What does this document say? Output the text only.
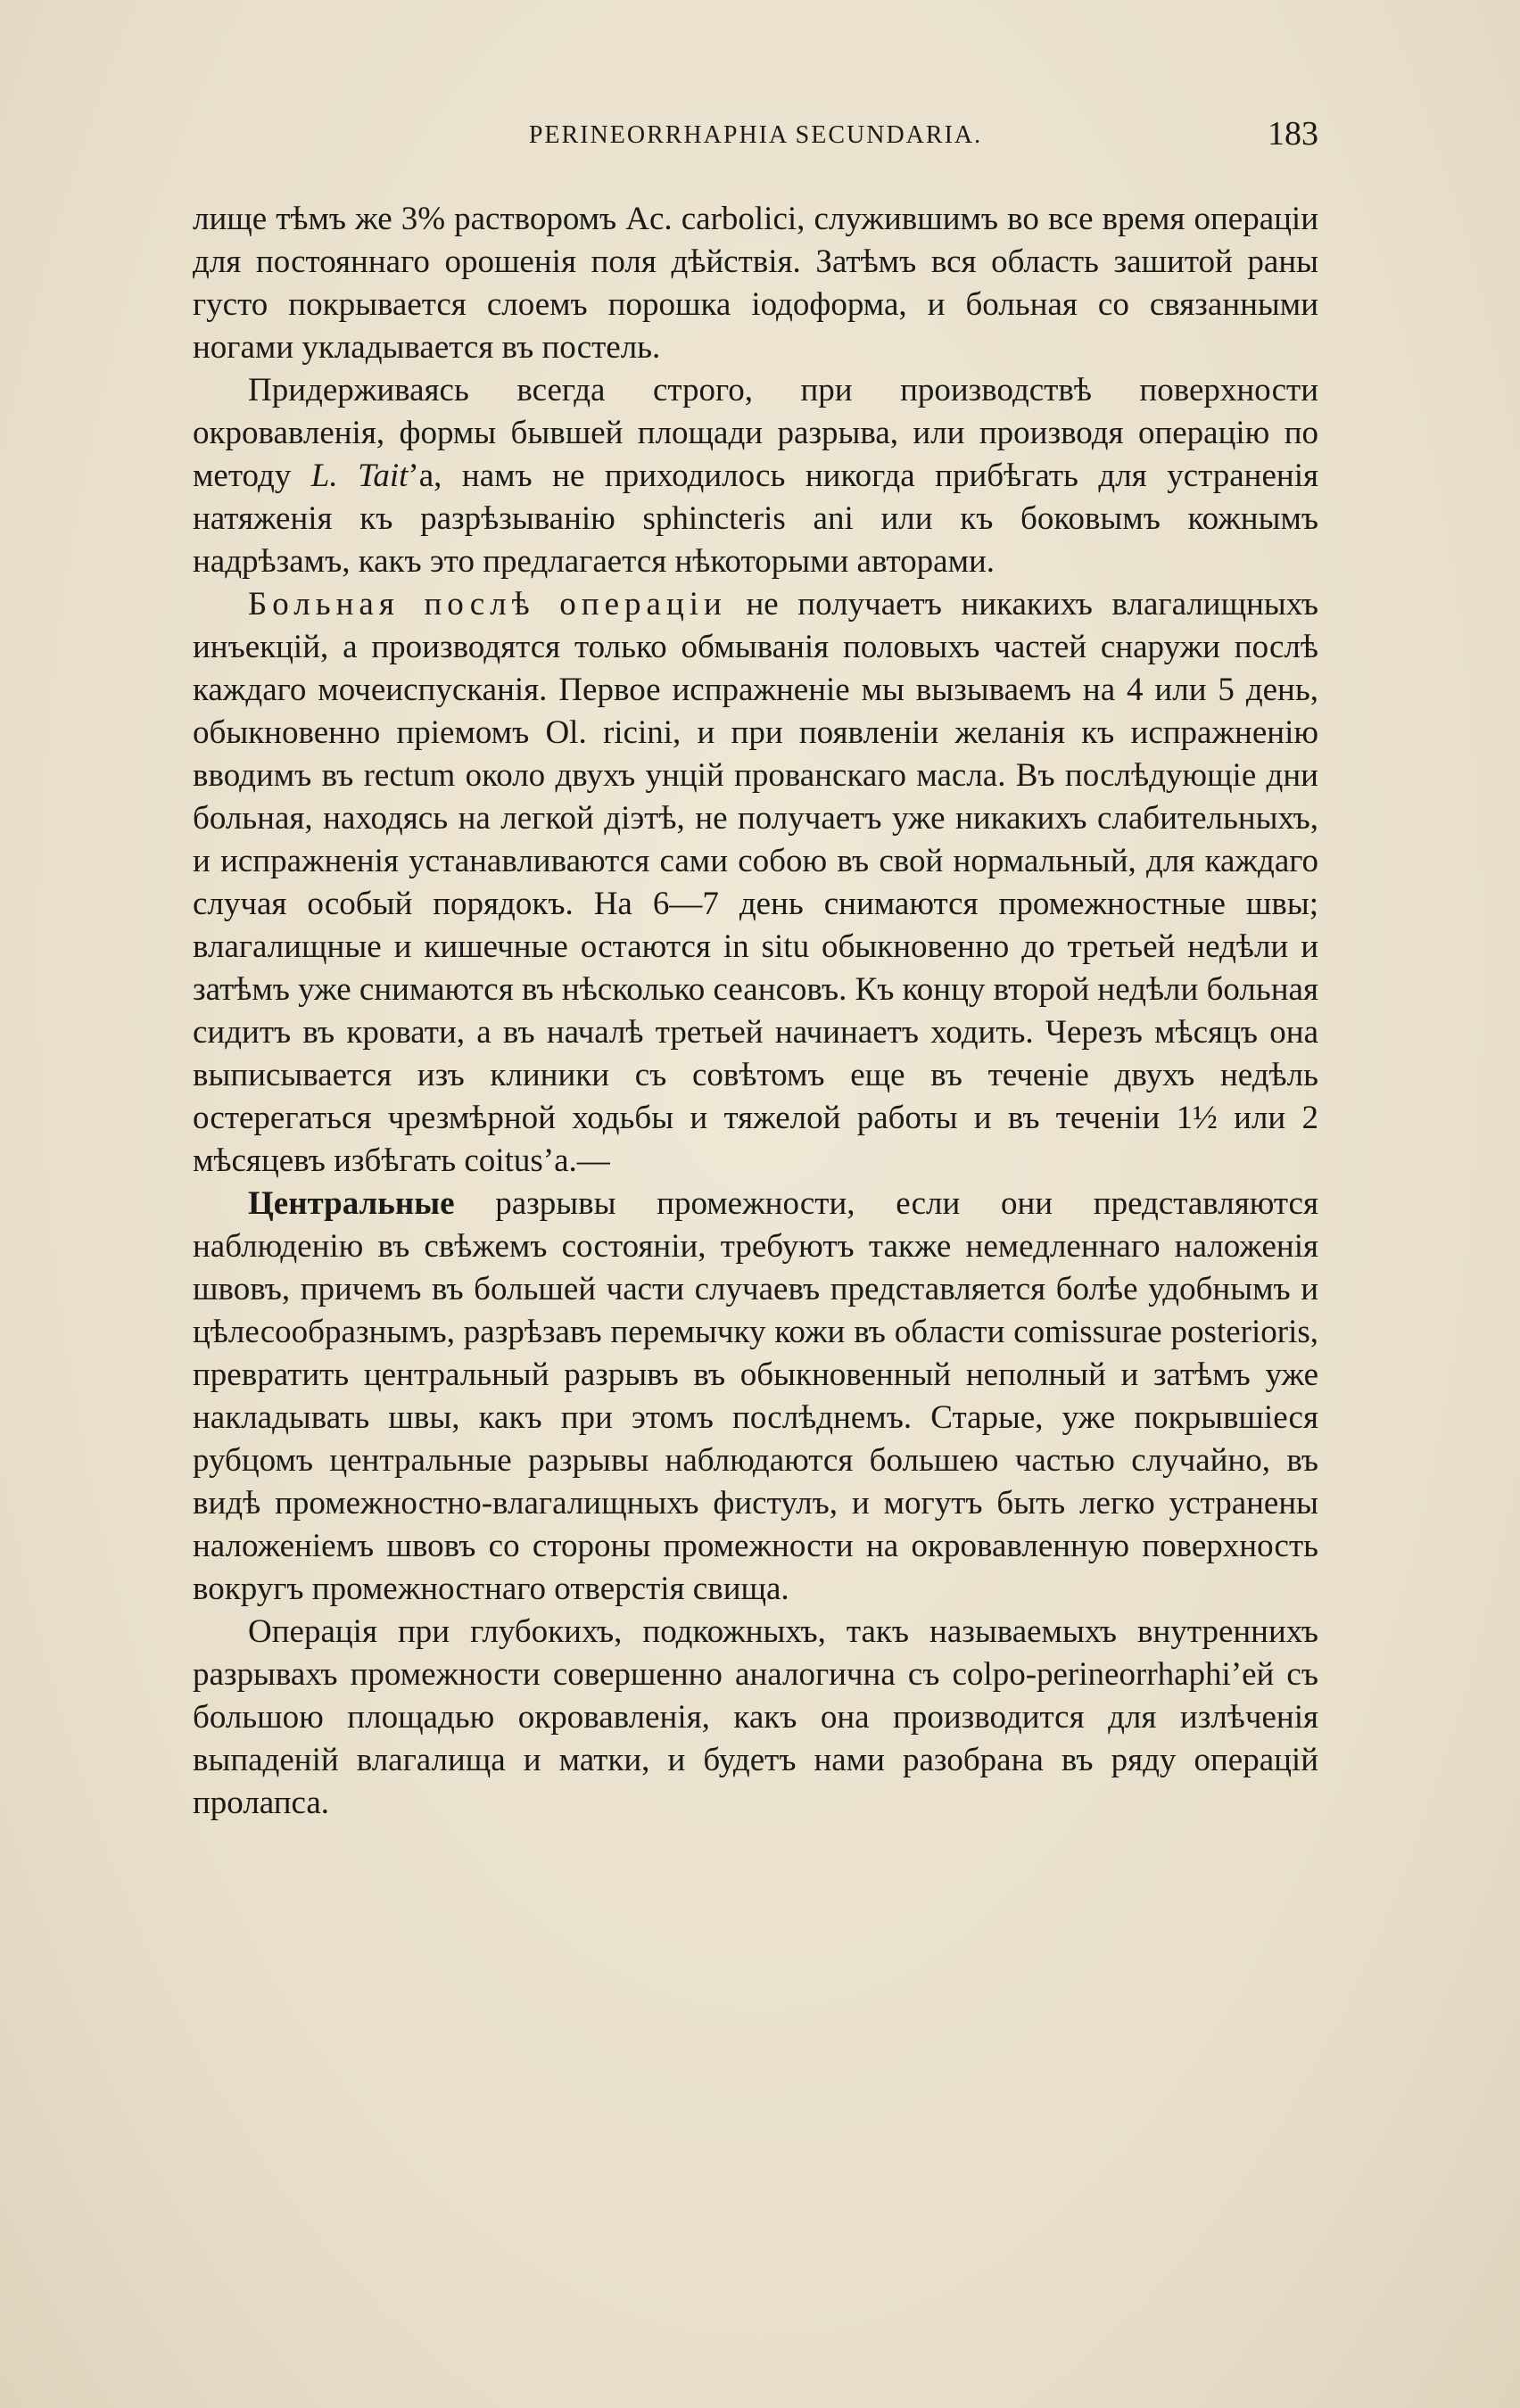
PERINEORRHAPHIA SECUNDARIA.	183

лище тѣмъ же 3% растворомъ Ac. carbolici, служившимъ во все время операціи для постояннаго орошенія поля дѣйствія. Затѣмъ вся область зашитой раны густо покрывается слоемъ порошка іодоформа, и больная со связанными ногами укладывается въ постель.

Придерживаясь всегда строго, при производствѣ поверхности окровавленія, формы бывшей площади разрыва, или производя операцію по методу L. Tait’а, намъ не приходилось никогда прибѣгать для устраненія натяженія къ разрѣзыванію sphincteris ani или къ боковымъ кожнымъ надрѣзамъ, какъ это предлагается нѣкоторыми авторами.

Больная послѣ операціи не получаетъ никакихъ влагалищныхъ инъекцій, а производятся только обмыванія половыхъ частей снаружи послѣ каждаго мочеиспусканія. Первое испражненіе мы вызываемъ на 4 или 5 день, обыкновенно пріемомъ Ol. ricini, и при появленіи желанія къ испражненію вводимъ въ rectum около двухъ унцій прованскаго масла. Въ послѣдующіе дни больная, находясь на легкой діэтѣ, не получаетъ уже никакихъ слабительныхъ, и испражненія устанавливаются сами собою въ свой нормальный, для каждаго случая особый порядокъ. На 6—7 день снимаются промежностные швы; влагалищные и кишечные остаются in situ обыкновенно до третьей недѣли и затѣмъ уже снимаются въ нѣсколько сеансовъ. Къ концу второй недѣли больная сидитъ въ кровати, а въ началѣ третьей начинаетъ ходить. Черезъ мѣсяцъ она выписывается изъ клиники съ совѣтомъ еще въ теченіе двухъ недѣль остерегаться чрезмѣрной ходьбы и тяжелой работы и въ теченіи 1½ или 2 мѣсяцевъ избѣгать coitus’а.—

Центральные разрывы промежности, если они представляются наблюденію въ свѣжемъ состояніи, требуютъ также немедленнаго наложенія швовъ, причемъ въ большей части случаевъ представляется болѣе удобнымъ и цѣлесообразнымъ, разрѣзавъ перемычку кожи въ области comissurae posterioris, превратить центральный разрывъ въ обыкновенный неполный и затѣмъ уже накладывать швы, какъ при этомъ послѣднемъ. Старые, уже покрывшіеся рубцомъ центральные разрывы наблюдаются большею частью случайно, въ видѣ промежностно-влагалищныхъ фистулъ, и могутъ быть легко устранены наложеніемъ швовъ со стороны промежности на окровавленную поверхность вокругъ промежностнаго отверстія свища.

Операція при глубокихъ, подкожныхъ, такъ называемыхъ внутреннихъ разрывахъ промежности совершенно аналогична съ colpo-perineorrhaphi’ей съ большою площадью окровавленія, какъ она производится для излѣченія выпаденій влагалища и матки, и будетъ нами разобрана въ ряду операцій пролапса.
